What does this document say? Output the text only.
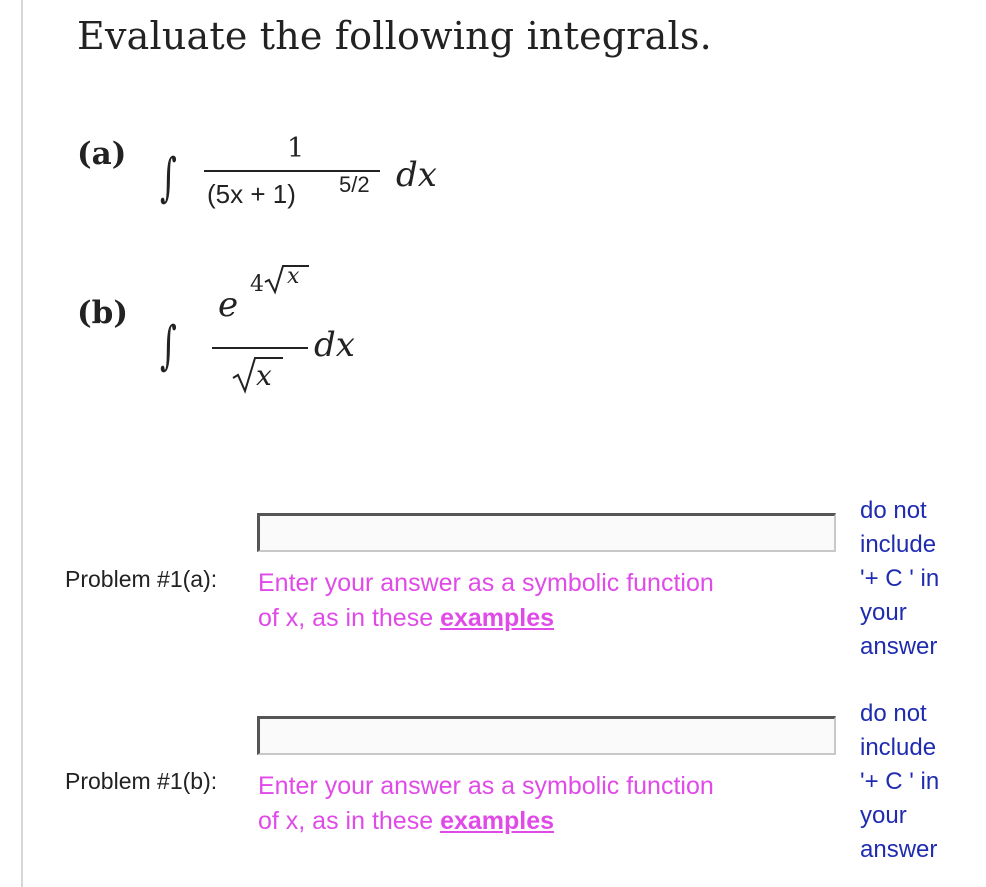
Evaluate the following integrals.
(a) ∫	1
(5x + 1) 5/2 dx
(b)
∫
e
4 x
x
dx
Problem #1(a): Enter your answer as a symbolic function of x, as in these examples
do not
include
'+ C ' in
your
answer
Problem #1(b): Enter your answer as a symbolic function of x, as in these examples
do not
include
'+ C ' in
your
answer
